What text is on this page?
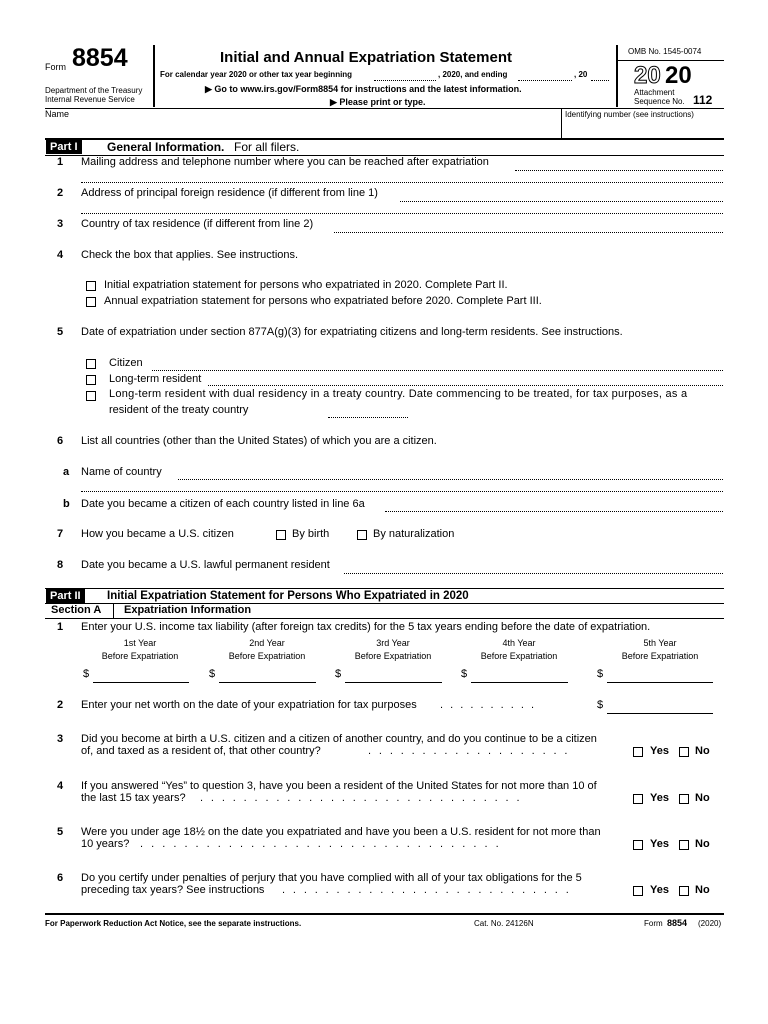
Form 8854
Department of the Treasury
Internal Revenue Service
Initial and Annual Expatriation Statement
For calendar year 2020 or other tax year beginning	, 2020, and ending	, 20
▶ Go to www.irs.gov/Form8854 for instructions and the latest information.
▶ Please print or type.
OMB No. 1545-0074
20 20
Attachment
Sequence No. 112
Name	Identifying number (see instructions)
Part I	General Information. For all filers.
1 Mailing address and telephone number where you can be reached after expatriation
2 Address of principal foreign residence (if different from line 1)
3 Country of tax residence (if different from line 2)
4 Check the box that applies. See instructions.
Initial expatriation statement for persons who expatriated in 2020. Complete Part II.
Annual expatriation statement for persons who expatriated before 2020. Complete Part III.
5 Date of expatriation under section 877A(g)(3) for expatriating citizens and long-term residents. See instructions.
Citizen
Long-term resident
Long-term resident with dual residency in a treaty country. Date commencing to be treated, for tax purposes, as a
resident of the treaty country
6 List all countries (other than the United States) of which you are a citizen.
a Name of country
b Date you became a citizen of each country listed in line 6a
7 How you became a U.S. citizen	By birth	By naturalization
8 Date you became a U.S. lawful permanent resident
Part II	Initial Expatriation Statement for Persons Who Expatriated in 2020
Section A Expatriation Information
1 Enter your U.S. income tax liability (after foreign tax credits) for the 5 tax years ending before the date of expatriation.
1st Year
Before Expatriation
2nd Year
Before Expatriation
3rd Year
Before Expatriation
4th Year
Before Expatriation
5th Year
Before Expatriation
$	$	$	$	$
2 Enter your net worth on the date of your expatriation for tax purposes . . . . . . . . . .	$
3 Did you become at birth a U.S. citizen and a citizen of another country, and do you continue to be a citizen
of, and taxed as a resident of, that other country?	. . . . . . . . . . . . . . . . . . .	Yes No
4 If you answered “Yes” to question 3, have you been a resident of the United States for not more than 10 of
the last 15 tax years? . . . . . . . . . . . . . . . . . . . . . . . . . . . . . .	Yes No
5 Were you under age 18½ on the date you expatriated and have you been a U.S. resident for not more than
10 years? . . . . . . . . . . . . . . . . . . . . . . . . . . . . . . . . .	Yes No
6 Do you certify under penalties of perjury that you have complied with all of your tax obligations for the 5
preceding tax years? See instructions . . . . . . . . . . . . . . . . . . . . . . . . . . .	Yes No
For Paperwork Reduction Act Notice, see the separate instructions.	Cat. No. 24126N	Form 8854 (2020)
